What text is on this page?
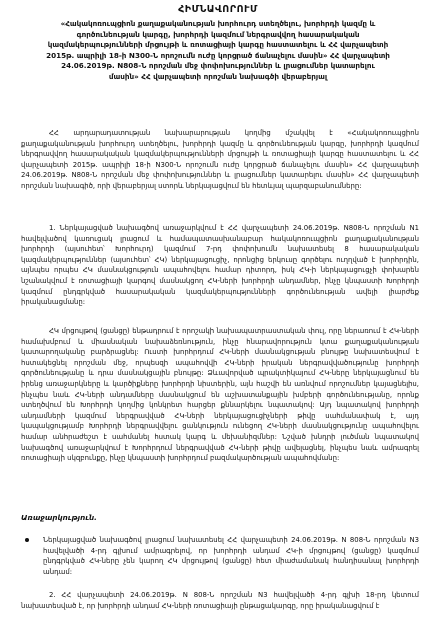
ՀԻՄՆԱՎՈՐՈՒՄ
«Հակակոռուպցիոն քաղաքականության խորհուրդ ստեղծելու, խորհրդի կազմը և գործունեության կարգը, խորհրդի կազմում ներգրավվող հասարակական կազմակերպությունների մրցույթի և ռոտացիայի կարգը հաստատելու և ՀՀ վարչապետի 2015թ. ապրիլի 18-ի N300-Ն որոշումն ուժը կորցրած ճանաչելու մասին» ՀՀ վարչապետի 24.06.2019թ. N808-Ն որոշման մեջ փոփոխություններ և լրացումներ կատարելու մասին» ՀՀ վարչապետի որոշման նախագծի վերաբերյալ

ՀՀ արդարադատության նախարարության կողմից մշակվել է «Հակակոռուպցիոն քաղաքականության խորհուրդ ստեղծելու, խորհրդի կազմը և գործունեության կարգը, խորհրդի կազմում ներգրավվող հասարակական կազմակերպությունների մրցույթի և ռոտացիայի կարգը հաստատելու և ՀՀ վարչապետի 2015թ. ապրիլի 18-ի N300-Ն որոշումն ուժը կորցրած ճանաչելու մասին» ՀՀ վարչապետի 24.06.2019թ. N808-Ն որոշման մեջ փոփոխություններ և լրացումներ կատարելու մասին» ՀՀ վարչապետի որոշման նախագիծ, որի վերաբերյալ ստորև ներկայացվում են հետևյալ պարզաբանումները:

1. Ներկայացված նախագծով առաջարկվում է ՀՀ վարչապետի 24.06.2019թ. N808-Ն որոշման N1 հավելվածով կառուցակ լրացում և համապատասխանաբար հակակոռուպցիոն քաղաքականության խորհրդի (այսուհետ՝ Խորհուրդ) կազմում 7-րդ փոփոխումն նախատեսել 8 հասարակական կազմակերպություններ (այսուհետ՝ ՀԿ) ներկայացուցիչ, որոնցից երկուսը գործելու ուղղված է խորհրդին, այնպես որպես ՀԿ մասնակցություն ապահովելու համար դիտորդ, իսկ ՀԿ-ի ներկայացուցչի փոխարեն նշանակվում է ռոտացիայի կարգով մասնակցող ՀԿ-ների խորհրդի անդամներ, ինչը կնպաստի Խորհրդի կազմում ընդգրկված հասարակական կազմակերպությունների գործունեության ավելի լիարժեք իրականացմանը:

ՀԿ մրցույթով (ցանցը) ենթադրում է որոշակի նախապատրաստական փուլ, որը ներառում է ՀԿ-ների համախմբում և միասնական նախաձեռնություն, ինչը հնարավորություն կտա քաղաքականության կատարողականը բարձրացնել: Ուստի խորհրդում ՀԿ-ների մասնակցության բնույթը նախատեսվում է հստակեցնել որոշման մեջ, որպեսզի ապահովվի ՀԿ-ների իրական ներգրավվածությունը խորհրդի գործունեությանը և դրա մասնակցային բնույթը: Ձևավորված պրակտիկայում ՀԿ-ները ներկայացնում են իրենց առաջարկները և կարծիքները խորհրդի նիստերին, այն հաշվի են առնվում որոշումներ կայացնելիս, ինչպես նաև ՀԿ-ների անդամները մասնակցում են աշխատանքային խմբերի գործունեությանը, որոնք ստեղծվում են Խորհրդի կողմից կոնկրետ հարցեր քննարկելու նպատակով: Այդ նպատակով խորհրդի անդամների կազմում ներգրավված ՀԿ-ների ներկայացուցիչների թիվը սահմանափակ է, այդ կապակցությամբ Խորհրդի ներգրավվելու ցանկություն ունեցող ՀԿ-ների մասնակցությունը ապահովելու համար անհրաժեշտ է սահմանել հստակ կարգ և մեխանիզմներ: Նշված խնդրի լուծման նպատակով նախագծով առաջարկվում է Խորհրդում ներգրավված ՀԿ-ների թիվը ավելացնել, ինչպես նաև ամրագրել ռոտացիայի սկզբունքը, ինչը կնպաստի խորհրդում բազմակարծության ապահովմանը:

Առաջարկություն.
Ներկայացված նախագծով լրացում նախատեսել ՀՀ վարչապետի 24.06.2019թ. N 808-Ն որոշման N3 հավելվածի 4-րդ գլխում ամրագրելով, որ խորհրդի անդամ ՀԿ-ի մրցույթով (ցանցը) կազմում ընդգրկված ՀԿ-ները չեն կարող ՀԿ մրցույթով (ցանցը) հետ միաժամանակ հանդիսանալ խորհրդի անդամ:

2. ՀՀ վարչապետի 24.06.2019թ. N 808-Ն որոշման N3 հավելվածի 4-րդ գլխի 18-րդ կետում նախատեսված է, որ խորհրդի անդամ ՀԿ-ների ռոտացիայի ընթացակարգը, որը իրականացվում է
